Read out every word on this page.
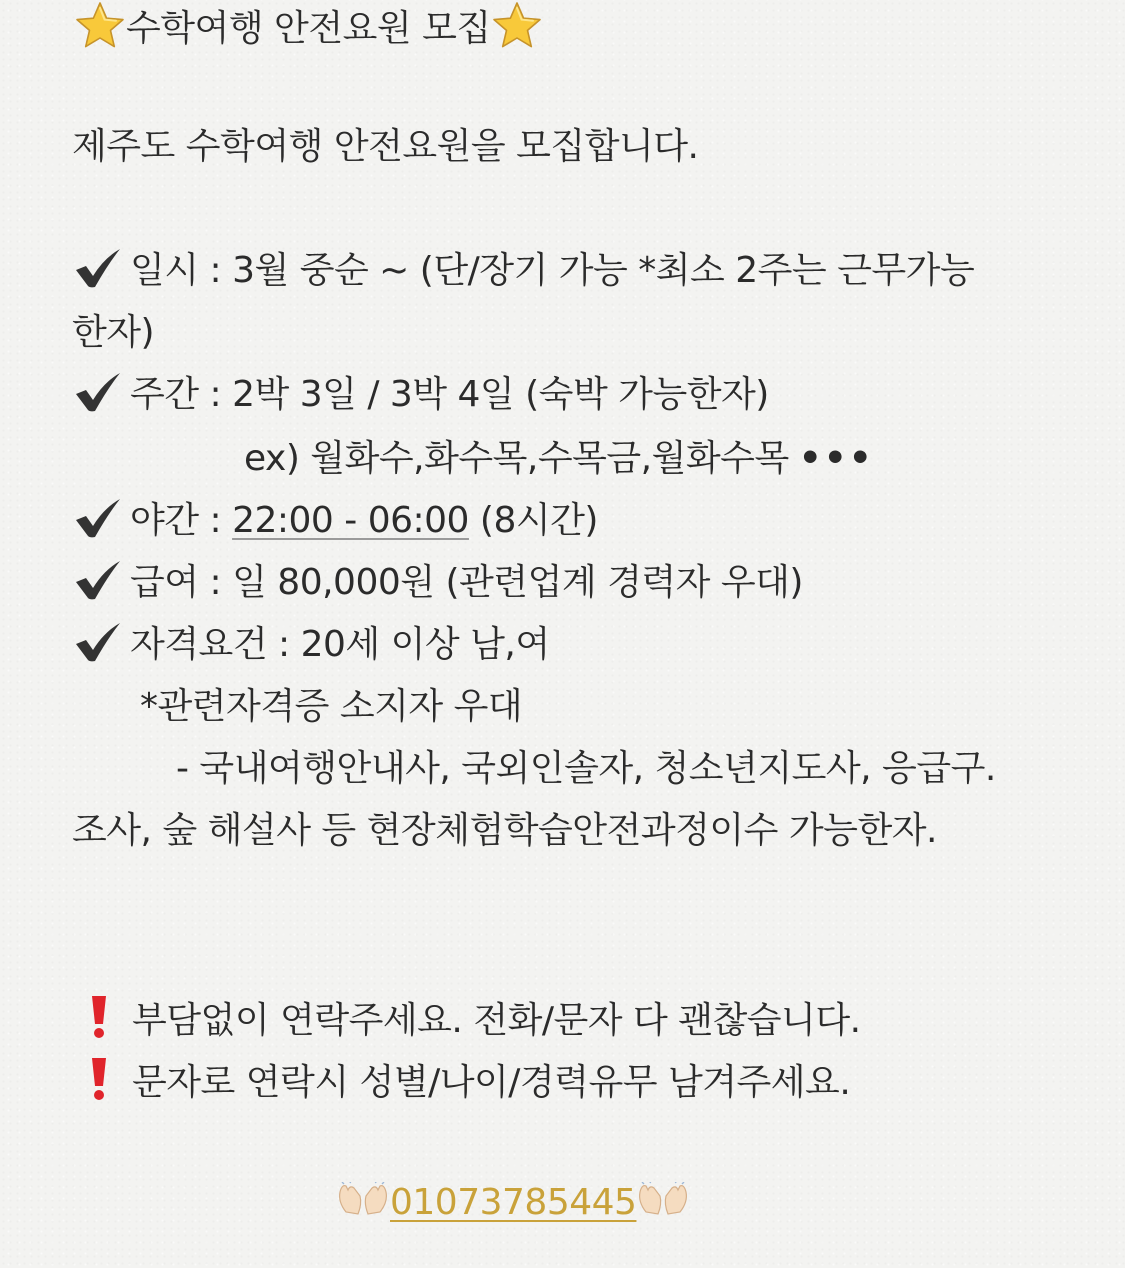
수학여행 안전요원 모집
제주도 수학여행 안전요원을 모집합니다.
일시 : 3월 중순 ~ (단/장기 가능 *최소 2주는 근무가능
한자)
주간 : 2박 3일 / 3박 4일 (숙박 가능한자)
ex) 월화수,화수목,수목금,월화수목 •••
야간 : 22:00 - 06:00 (8시간)
급여 : 일 80,000원 (관련업계 경력자 우대)
자격요건 : 20세 이상 남,여
*관련자격증 소지자 우대
- 국내여행안내사, 국외인솔자, 청소년지도사, 응급구.
조사, 숲 해설사 등 현장체험학습안전과정이수 가능한자.
부담없이 연락주세요. 전화/문자 다 괜찮습니다.
문자로 연락시 성별/나이/경력유무 남겨주세요.
01073785445
